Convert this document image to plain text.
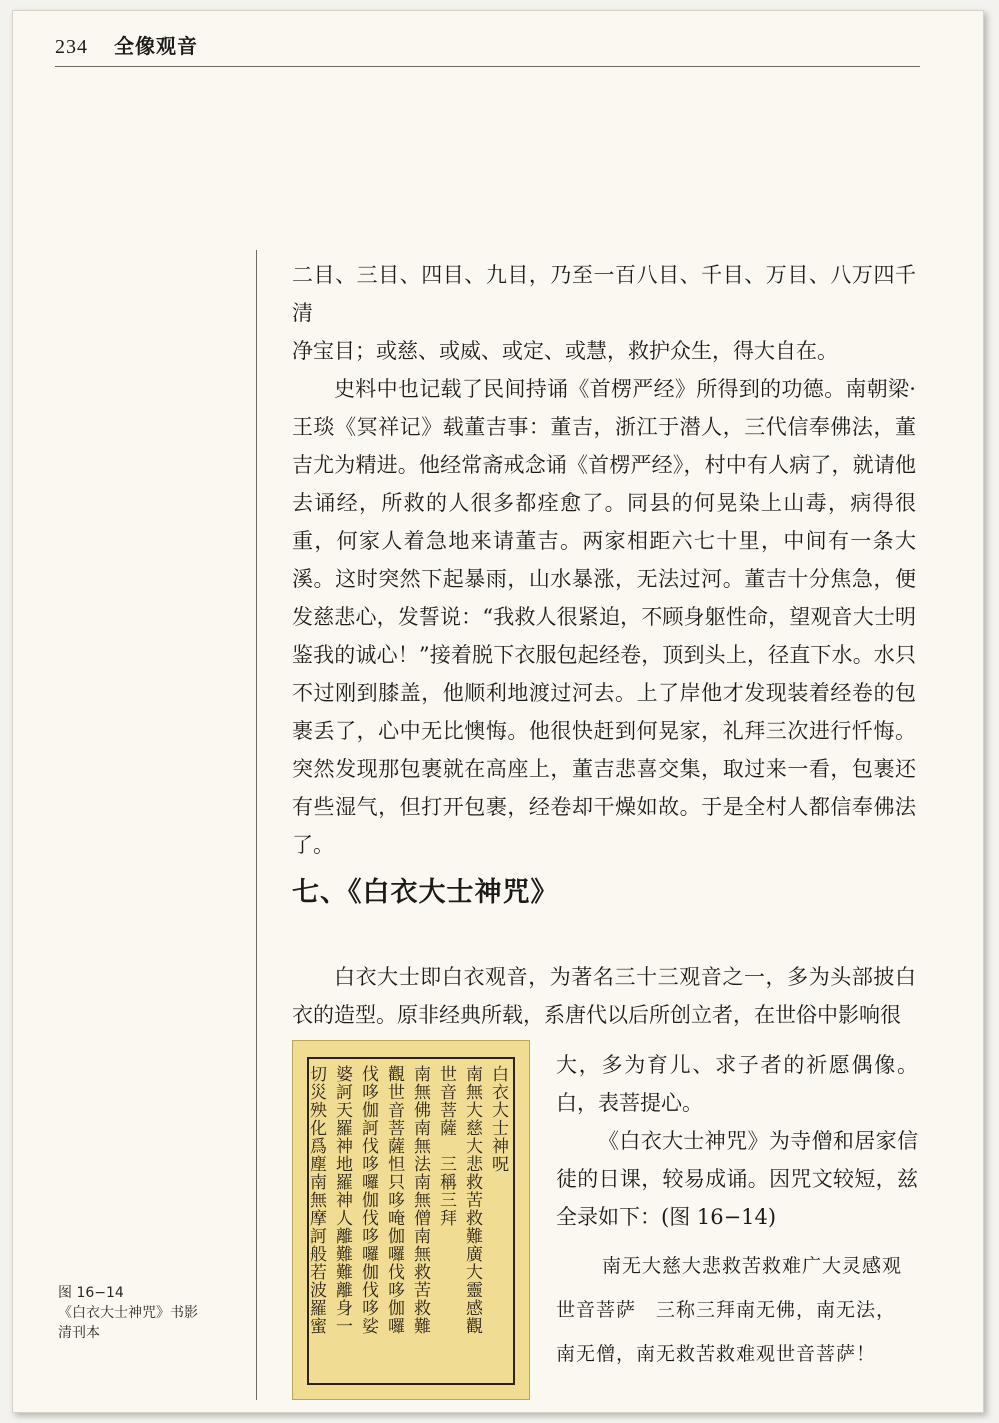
234 全像观音

二目、三目、四目、九目，乃至一百八目、千目、万目、八万四千清

净宝目；或慈、或威、或定、或慧，救护众生，得大自在。

史料中也记载了民间持诵《首楞严经》所得到的功德。南朝梁·王琰《冥祥记》载董吉事：董吉，浙江于潜人，三代信奉佛法，董吉尤为精进。他经常斋戒念诵《首楞严经》，村中有人病了，就请他去诵经，所救的人很多都痊愈了。同县的何晃染上山毒，病得很重，何家人着急地来请董吉。两家相距六七十里，中间有一条大溪。这时突然下起暴雨，山水暴涨，无法过河。董吉十分焦急，便发慈悲心，发誓说：“我救人很紧迫，不顾身躯性命，望观音大士明鉴我的诚心！”接着脱下衣服包起经卷，顶到头上，径直下水。水只不过刚到膝盖，他顺利地渡过河去。上了岸他才发现装着经卷的包裹丢了，心中无比懊悔。他很快赶到何晃家，礼拜三次进行忏悔。突然发现那包裹就在高座上，董吉悲喜交集，取过来一看，包裹还有些湿气，但打开包裹，经卷却干燥如故。于是全村人都信奉佛法了。

七、《白衣大士神咒》

白衣大士即白衣观音，为著名三十三观音之一，多为头部披白衣的造型。原非经典所载，系唐代以后所创立者，在世俗中影响很

大，多为育儿、求子者的祈愿偶像。白，表菩提心。

《白衣大士神咒》为寺僧和居家信徒的日课，较易成诵。因咒文较短，兹全录如下：(图 16−14)

南无大慈大悲救苦救难广大灵感观
世音菩萨　三称三拜南无佛，南无法，
南无僧，南无救苦救难观世音菩萨！
白衣大士神呪
南無大慈大悲救苦救難廣大靈感觀
世音菩薩　三稱三拜
南無佛南無法南無僧南無救苦救難
觀世音菩薩怛只哆唵伽囉伐哆伽囉
伐哆伽訶伐哆囉伽伐哆囉伽伐哆娑
婆訶天羅神地羅神人離難難離身一
切災殃化爲塵南無摩訶般若波羅蜜
图 16−14
《白衣大士神咒》书影
清刊本
